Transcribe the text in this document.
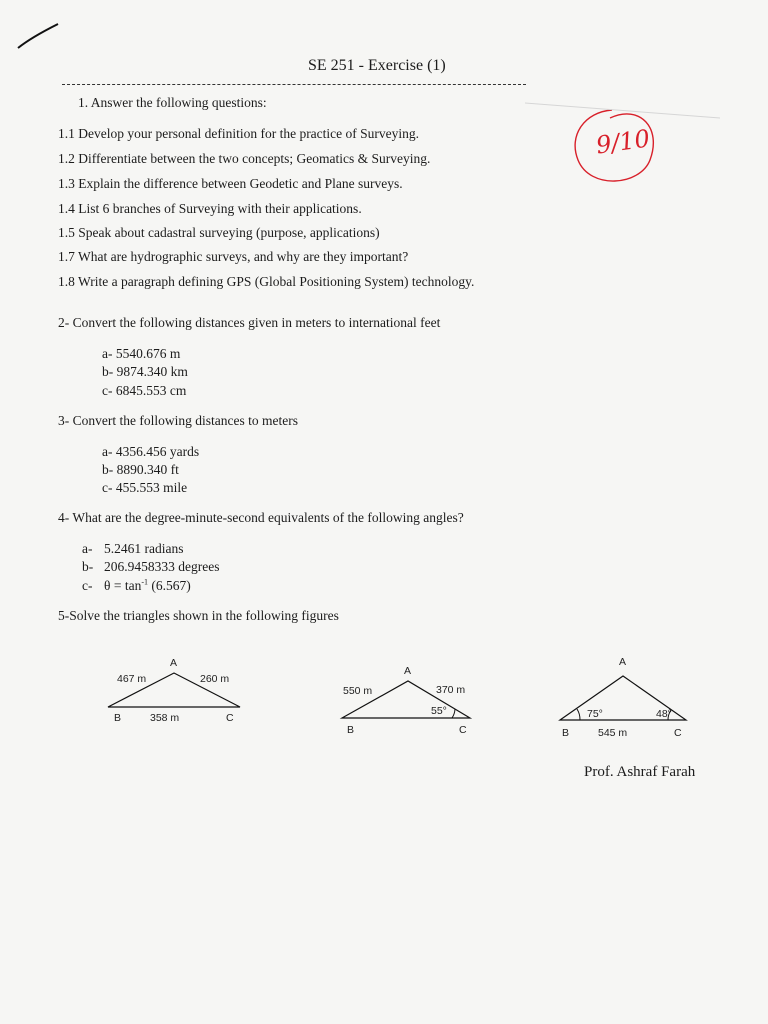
9/10
SE 251 - Exercise (1)
1. Answer the following questions:
1.1 Develop your personal definition for the practice of Surveying.
1.2 Differentiate between the two concepts; Geomatics & Surveying.
1.3 Explain the difference between Geodetic and Plane surveys.
1.4 List 6 branches of Surveying with their applications.
1.5 Speak about cadastral surveying (purpose, applications)
1.7 What are hydrographic surveys, and why are they important?
1.8 Write a paragraph defining GPS (Global Positioning System) technology.
2- Convert the following distances given in meters to international feet
a- 5540.676 m
b- 9874.340 km
c- 6845.553 cm
3- Convert the following distances to meters
a- 4356.456 yards
b- 8890.340 ft
c- 455.553 mile
4- What are the degree-minute-second equivalents of the following angles?
a- 5.2461 radians
b- 206.9458333 degrees
c- $\theta = \tan^{-1} (6.567)$
5-Solve the triangles shown in the following figures
A
467 m	260 m
B	358 m	C
A
550 m	370 m
55°
B	C
A
75°	48°
B	545 m	C
Prof. Ashraf Farah
